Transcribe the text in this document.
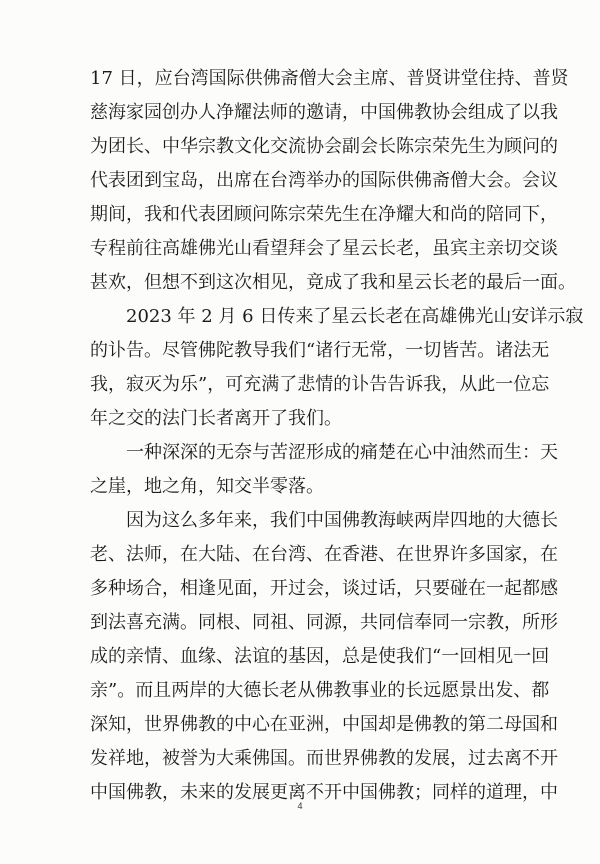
17 日，应台湾国际供佛斋僧大会主席、普贤讲堂住持、普贤
慈海家园创办人净耀法师的邀请，中国佛教协会组成了以我
为团长、中华宗教文化交流协会副会长陈宗荣先生为顾问的
代表团到宝岛，出席在台湾举办的国际供佛斋僧大会。会议
期间，我和代表团顾问陈宗荣先生在净耀大和尚的陪同下，
专程前往高雄佛光山看望拜会了星云长老，虽宾主亲切交谈
甚欢，但想不到这次相见，竟成了我和星云长老的最后一面。
2023 年 2 月 6 日传来了星云长老在高雄佛光山安详示寂
的讣告。尽管佛陀教导我们“诸行无常，一切皆苦。诸法无
我，寂灭为乐”，可充满了悲情的讣告告诉我，从此一位忘
年之交的法门长者离开了我们。
一种深深的无奈与苦涩形成的痛楚在心中油然而生：天
之崖，地之角，知交半零落。
因为这么多年来，我们中国佛教海峡两岸四地的大德长
老、法师，在大陆、在台湾、在香港、在世界许多国家，在
多种场合，相逢见面，开过会，谈过话，只要碰在一起都感
到法喜充满。同根、同祖、同源，共同信奉同一宗教，所形
成的亲情、血缘、法谊的基因，总是使我们“一回相见一回
亲”。而且两岸的大德长老从佛教事业的长远愿景出发、都
深知，世界佛教的中心在亚洲，中国却是佛教的第二母国和
发祥地，被誉为大乘佛国。而世界佛教的发展，过去离不开
中国佛教，未来的发展更离不开中国佛教；同样的道理，中
4
